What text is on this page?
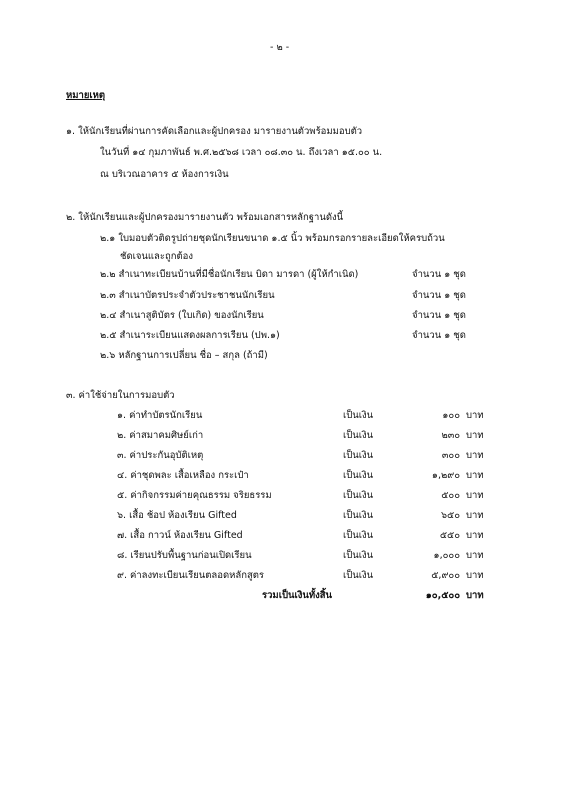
- ๒ -
หมายเหตุ
๑. ให้นักเรียนที่ผ่านการคัดเลือกและผู้ปกครอง มารายงานตัวพร้อมมอบตัว
ในวันที่ ๑๔ กุมภาพันธ์ พ.ศ.๒๕๖๘ เวลา ๐๘.๓๐ น. ถึงเวลา ๑๕.๐๐ น.
ณ บริเวณอาคาร ๕ ห้องการเงิน
๒. ให้นักเรียนและผู้ปกครองมารายงานตัว พร้อมเอกสารหลักฐานดังนี้
๒.๑ ใบมอบตัวติดรูปถ่ายชุดนักเรียนขนาด ๑.๕ นิ้ว พร้อมกรอกรายละเอียดให้ครบถ้วน
ชัดเจนและถูกต้อง
๒.๒ สำเนาทะเบียนบ้านที่มีชื่อนักเรียน บิดา มารดา (ผู้ให้กำเนิด)	จำนวน ๑ ชุด
๒.๓ สำเนาบัตรประจำตัวประชาชนนักเรียน	จำนวน ๑ ชุด
๒.๔ สำเนาสูติบัตร (ใบเกิด) ของนักเรียน	จำนวน ๑ ชุด
๒.๕ สำเนาระเบียนแสดงผลการเรียน (ปพ.๑)	จำนวน ๑ ชุด
๒.๖ หลักฐานการเปลี่ยน ชื่อ – สกุล (ถ้ามี)
๓. ค่าใช้จ่ายในการมอบตัว
๑. ค่าทำบัตรนักเรียน	เป็นเงิน	๑๐๐ บาท
๒. ค่าสมาคมศิษย์เก่า	เป็นเงิน	๒๓๐ บาท
๓. ค่าประกันอุบัติเหตุ	เป็นเงิน	๓๐๐ บาท
๔. ค่าชุดพละ เสื้อเหลือง กระเป๋า	เป็นเงิน	๑,๒๙๐ บาท
๕. ค่ากิจกรรมค่ายคุณธรรม จริยธรรม	เป็นเงิน	๕๐๐ บาท
๖. เสื้อ ช้อป ห้องเรียน Gifted	เป็นเงิน	๖๕๐ บาท
๗. เสื้อ กาวน์ ห้องเรียน Gifted	เป็นเงิน	๕๕๐ บาท
๘. เรียนปรับพื้นฐานก่อนเปิดเรียน	เป็นเงิน	๑,๐๐๐ บาท
๙. ค่าลงทะเบียนเรียนตลอดหลักสูตร	เป็นเงิน	๕,๙๐๐ บาท
รวมเป็นเงินทั้งสิ้น	๑๐,๕๐๐ บาท
